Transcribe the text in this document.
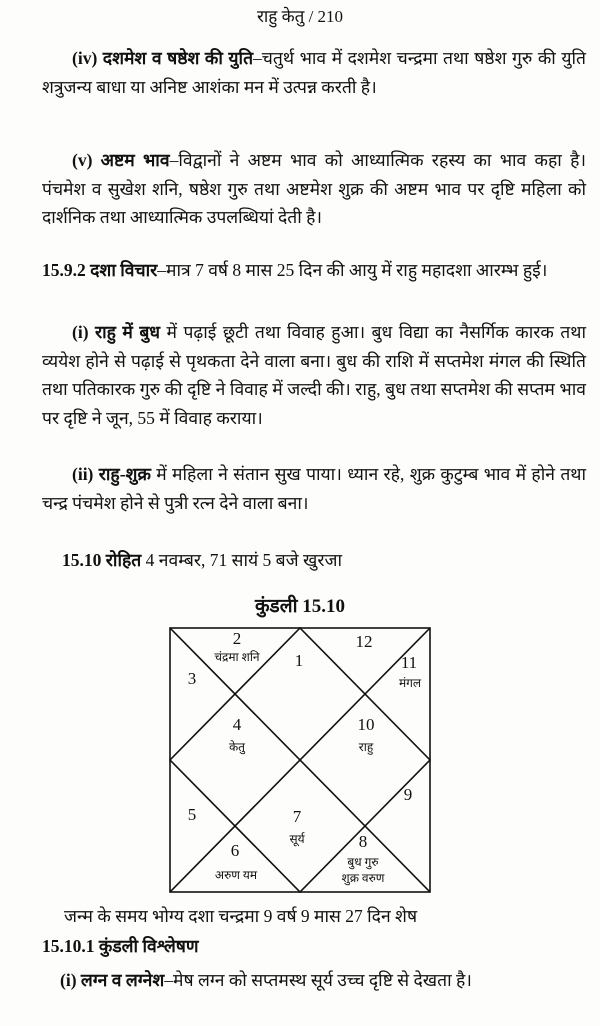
राहु केतु / 210
(iv) दशमेश व षष्ठेश की युति–चतुर्थ भाव में दशमेश चन्द्रमा तथा षष्ठेश गुरु की युति शत्रुजन्य बाधा या अनिष्ट आशंका मन में उत्पन्न करती है।
(v) अष्टम भाव–विद्वानों ने अष्टम भाव को आध्यात्मिक रहस्य का भाव कहा है। पंचमेश व सुखेश शनि, षष्ठेश गुरु तथा अष्टमेश शुक्र की अष्टम भाव पर दृष्टि महिला को दार्शनिक तथा आध्यात्मिक उपलब्धियां देती है।
15.9.2 दशा विचार–मात्र 7 वर्ष 8 मास 25 दिन की आयु में राहु महादशा आरम्भ हुई।
(i) राहु में बुध में पढ़ाई छूटी तथा विवाह हुआ। बुध विद्या का नैसर्गिक कारक तथा व्ययेश होने से पढ़ाई से पृथकता देने वाला बना। बुध की राशि में सप्तमेश मंगल की स्थिति तथा पतिकारक गुरु की दृष्टि ने विवाह में जल्दी की। राहु, बुध तथा सप्तमेश की सप्तम भाव पर दृष्टि ने जून, 55 में विवाह कराया।
(ii) राहु-शुक्र में महिला ने संतान सुख पाया। ध्यान रहे, शुक्र कुटुम्ब भाव में होने तथा चन्द्र पंचमेश होने से पुत्री रत्न देने वाला बना।
15.10 रोहित 4 नवम्बर, 71 सायं 5 बजे खुरजा
कुंडली 15.10
2
चंद्रमा शनि 1
3
12
11
मंगल
4
केतु
10
राहु
5
9
7
सूर्य
6
अरुण यम
8
बुध गुरु
शुक्र वरुण
जन्म के समय भोग्य दशा चन्द्रमा 9 वर्ष 9 मास 27 दिन शेष
15.10.1 कुंडली विश्लेषण
(i) लग्न व लग्नेश–मेष लग्न को सप्तमस्थ सूर्य उच्च दृष्टि से देखता है।
